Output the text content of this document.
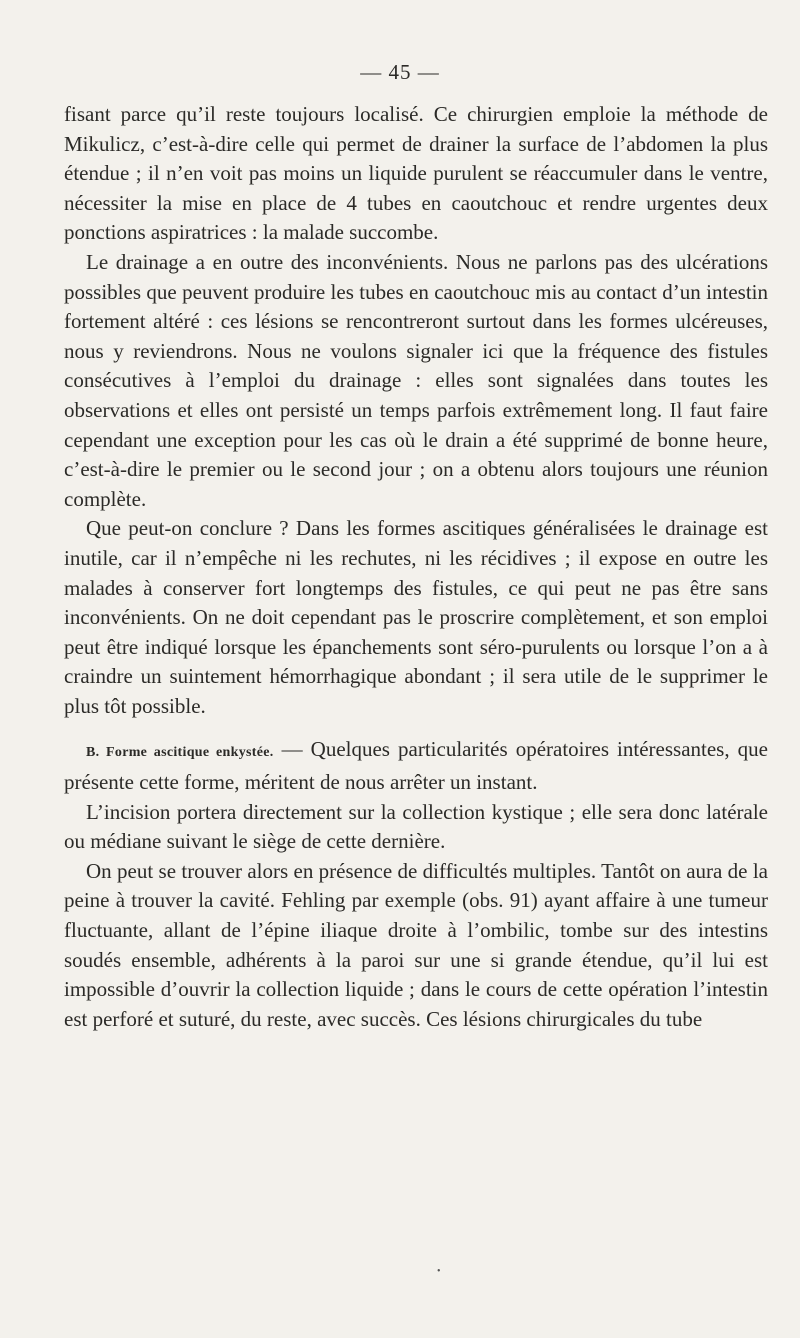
— 45 —

fisant parce qu’il reste toujours localisé. Ce chirurgien emploie la méthode de Mikulicz, c’est-à-dire celle qui permet de drainer la surface de l’abdomen la plus étendue ; il n’en voit pas moins un liquide purulent se réaccumuler dans le ventre, nécessiter la mise en place de 4 tubes en caoutchouc et rendre urgentes deux ponctions aspiratrices : la malade succombe.

Le drainage a en outre des inconvénients. Nous ne parlons pas des ulcérations possibles que peuvent produire les tubes en caoutchouc mis au contact d’un intestin fortement altéré : ces lésions se rencontreront surtout dans les formes ulcéreuses, nous y reviendrons. Nous ne voulons signaler ici que la fréquence des fistules consécutives à l’emploi du drainage : elles sont signalées dans toutes les observations et elles ont persisté un temps parfois extrêmement long. Il faut faire cependant une exception pour les cas où le drain a été supprimé de bonne heure, c’est-à-dire le premier ou le second jour ; on a obtenu alors toujours une réunion complète.

Que peut-on conclure ? Dans les formes ascitiques généralisées le drainage est inutile, car il n’empêche ni les rechutes, ni les récidives ; il expose en outre les malades à conserver fort longtemps des fistules, ce qui peut ne pas être sans inconvénients. On ne doit cependant pas le proscrire complètement, et son emploi peut être indiqué lorsque les épanchements sont séro-purulents ou lorsque l’on a à craindre un suintement hémorrhagique abondant ; il sera utile de le supprimer le plus tôt possible.

B. Forme ascitique enkystée. — Quelques particularités opératoires intéressantes, que présente cette forme, méritent de nous arrêter un instant.

L’incision portera directement sur la collection kystique ; elle sera donc latérale ou médiane suivant le siège de cette dernière.

On peut se trouver alors en présence de difficultés multiples. Tantôt on aura de la peine à trouver la cavité. Fehling par exemple (obs. 91) ayant affaire à une tumeur fluctuante, allant de l’épine iliaque droite à l’ombilic, tombe sur des intestins soudés ensemble, adhérents à la paroi sur une si grande étendue, qu’il lui est impossible d’ouvrir la collection liquide ; dans le cours de cette opération l’intestin est perforé et suturé, du reste, avec succès. Ces lésions chirurgicales du tube

•
